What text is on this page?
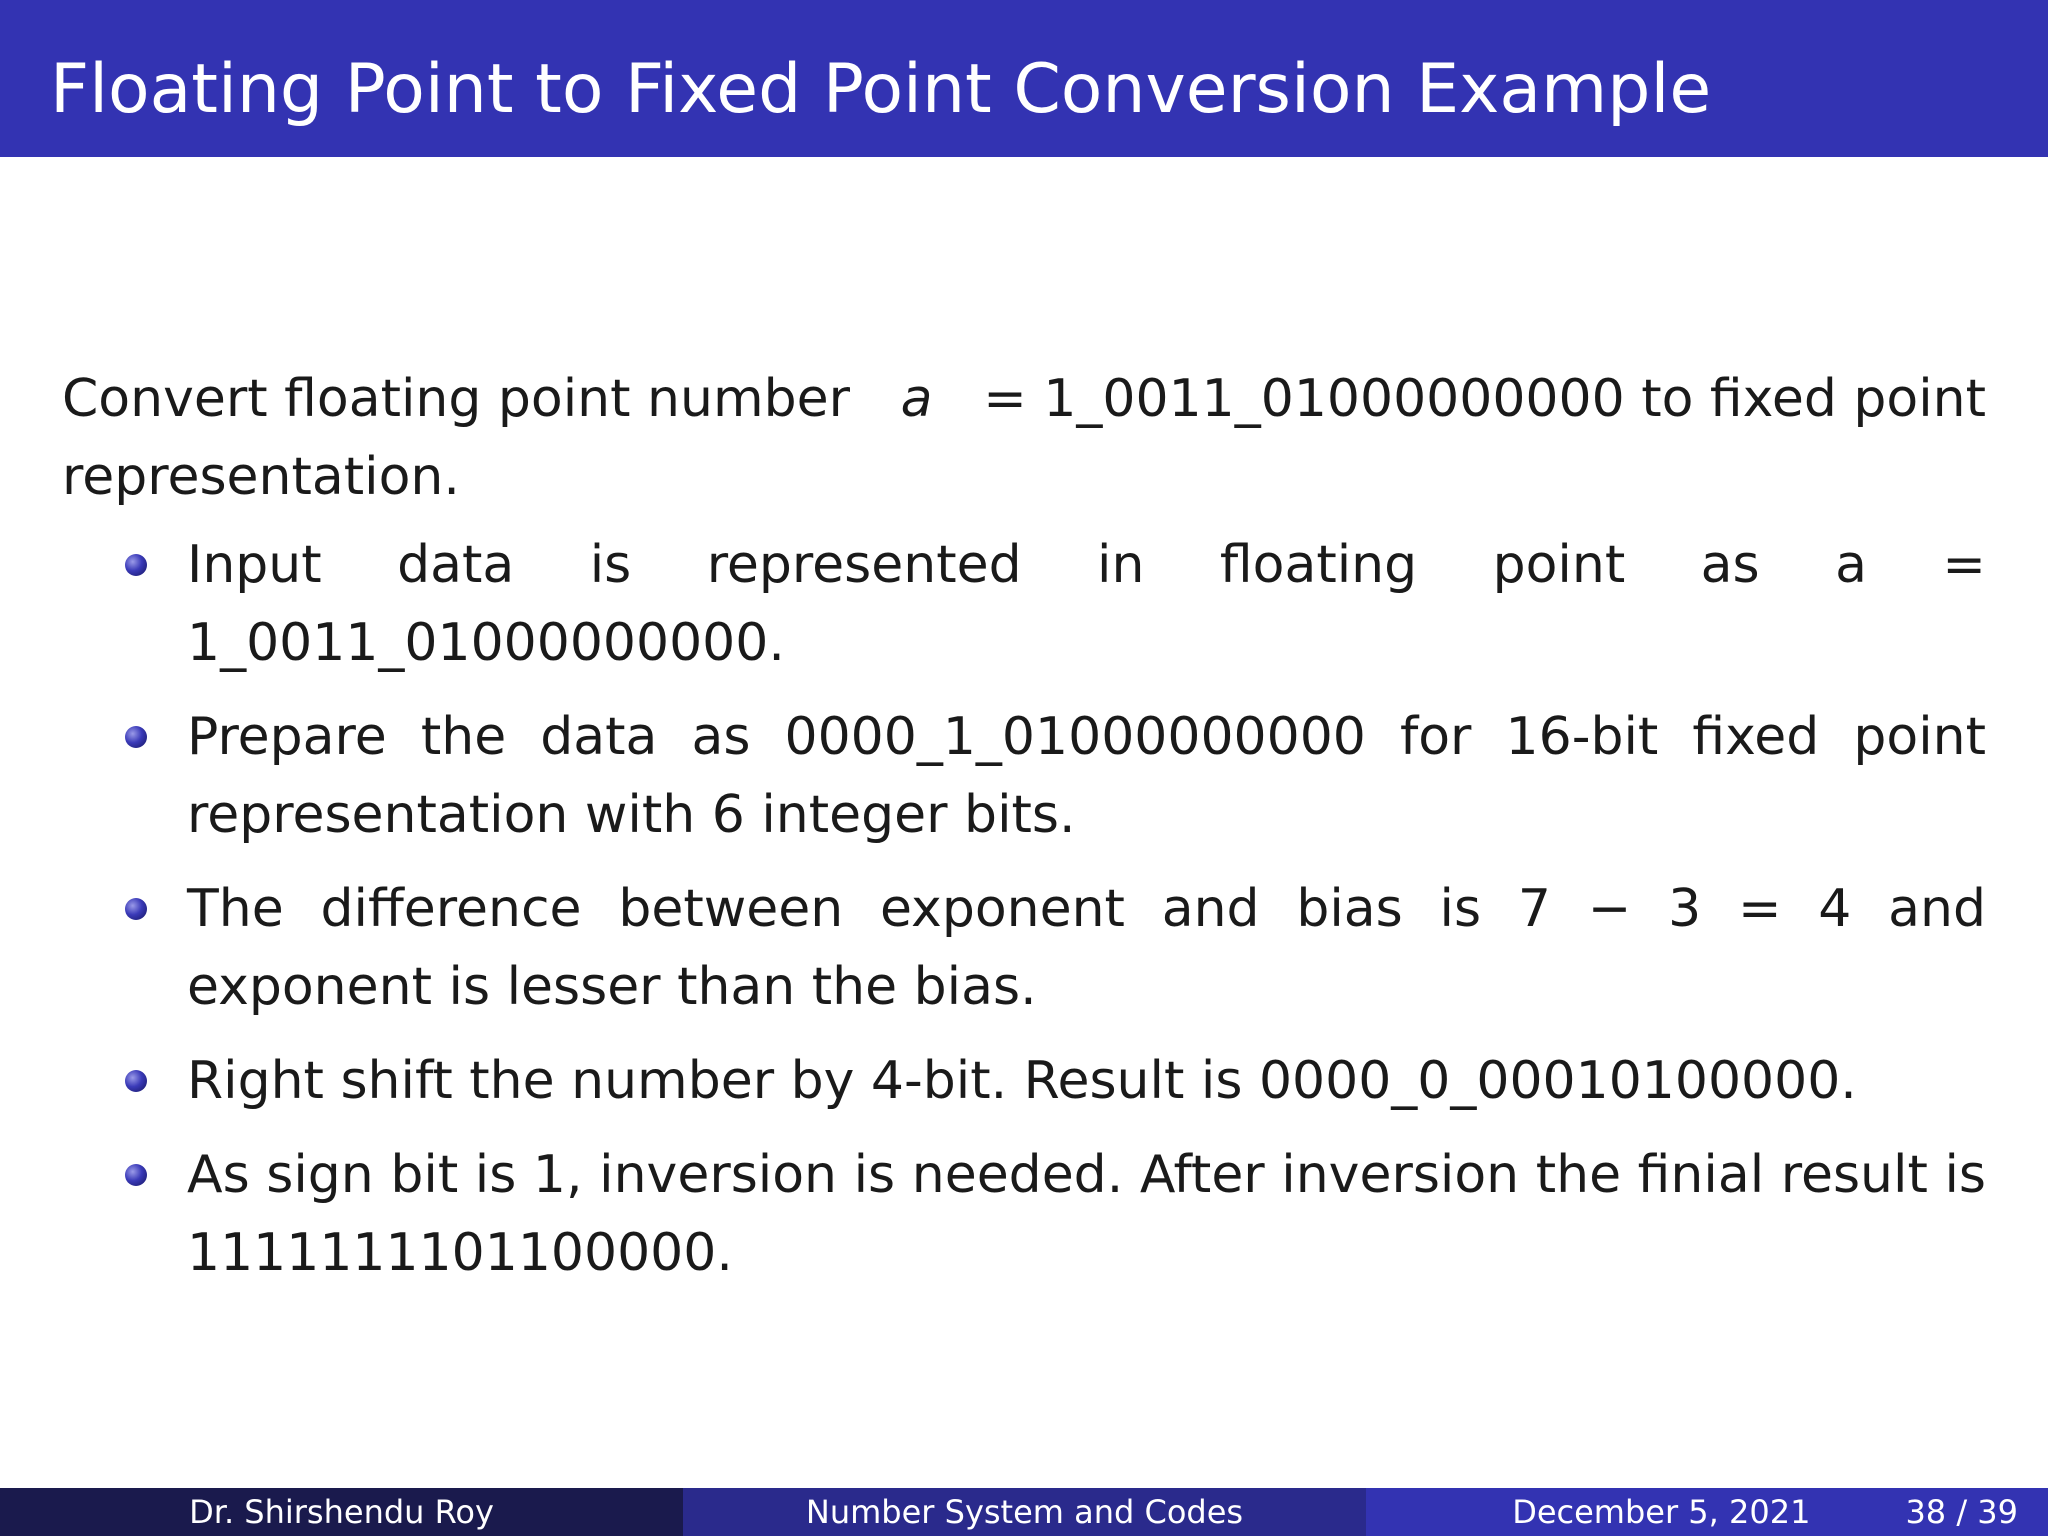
Floating Point to Fixed Point Conversion Example
Convert floating point number a = 1_0011_01000000000 to fixed point
representation.
Input data is represented in floating point as a = 1_0011_01000000000.
Prepare the data as 0000_1_01000000000 for 16-bit fixed point representation with 6 integer bits.
The difference between exponent and bias is 7 − 3 = 4 and exponent is lesser than the bias.
Right shift the number by 4-bit. Result is 0000_0_00010100000.
As sign bit is 1, inversion is needed. After inversion the finial result is 1111111101100000.
Dr. Shirshendu Roy	Number System and Codes	December 5, 2021	38 / 39
